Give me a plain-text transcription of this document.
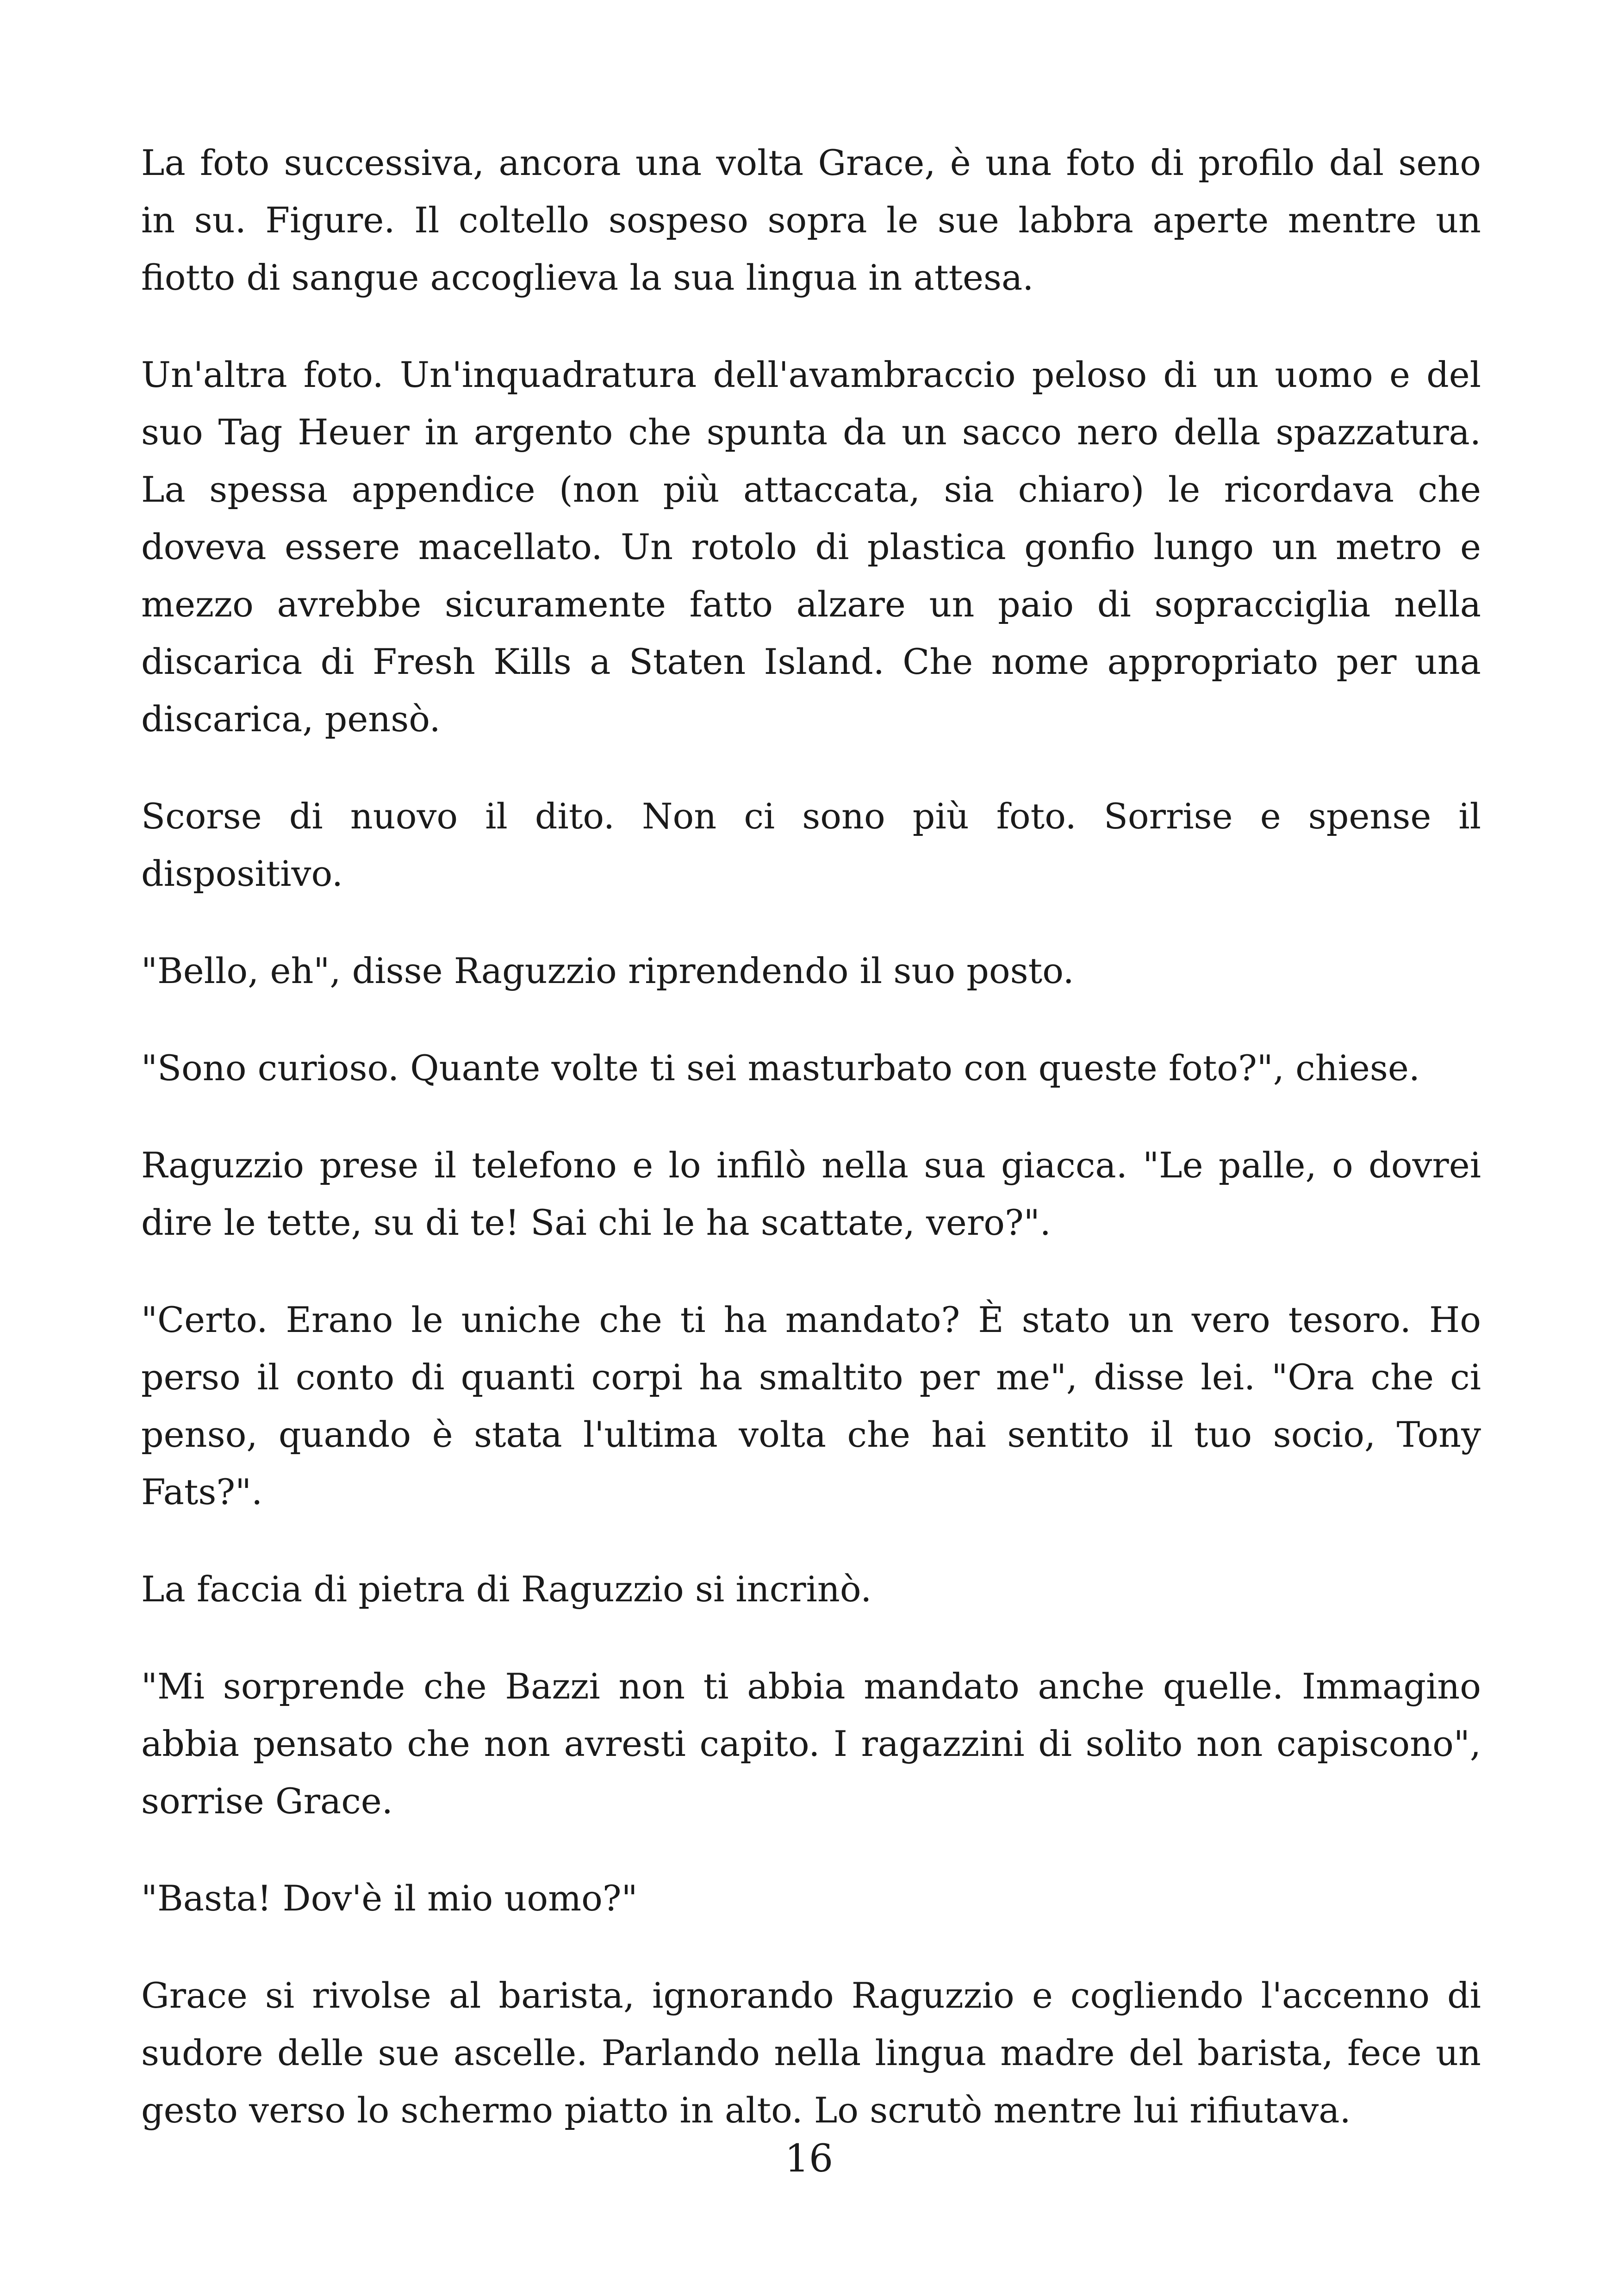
La foto successiva, ancora una volta Grace, è una foto di profilo dal seno in su. Figure. Il coltello sospeso sopra le sue labbra aperte mentre un fiotto di sangue accoglieva la sua lingua in attesa.

Un'altra foto. Un'inquadratura dell'avambraccio peloso di un uomo e del suo Tag Heuer in argento che spunta da un sacco nero della spazzatura. La spessa appendice (non più attaccata, sia chiaro) le ricordava che doveva essere macellato. Un rotolo di plastica gonfio lungo un metro e mezzo avrebbe sicuramente fatto alzare un paio di sopracciglia nella discarica di Fresh Kills a Staten Island. Che nome appropriato per una discarica, pensò.

Scorse di nuovo il dito. Non ci sono più foto. Sorrise e spense il dispositivo.

"Bello, eh", disse Raguzzio riprendendo il suo posto.

"Sono curioso. Quante volte ti sei masturbato con queste foto?", chiese.

Raguzzio prese il telefono e lo infilò nella sua giacca. "Le palle, o dovrei dire le tette, su di te! Sai chi le ha scattate, vero?".

"Certo. Erano le uniche che ti ha mandato? È stato un vero tesoro. Ho perso il conto di quanti corpi ha smaltito per me", disse lei. "Ora che ci penso, quando è stata l'ultima volta che hai sentito il tuo socio, Tony Fats?".

La faccia di pietra di Raguzzio si incrinò.

"Mi sorprende che Bazzi non ti abbia mandato anche quelle. Immagino abbia pensato che non avresti capito. I ragazzini di solito non capiscono", sorrise Grace.

"Basta! Dov'è il mio uomo?"

Grace si rivolse al barista, ignorando Raguzzio e cogliendo l'accenno di sudore delle sue ascelle. Parlando nella lingua madre del barista, fece un gesto verso lo schermo piatto in alto. Lo scrutò mentre lui rifiutava.

16
